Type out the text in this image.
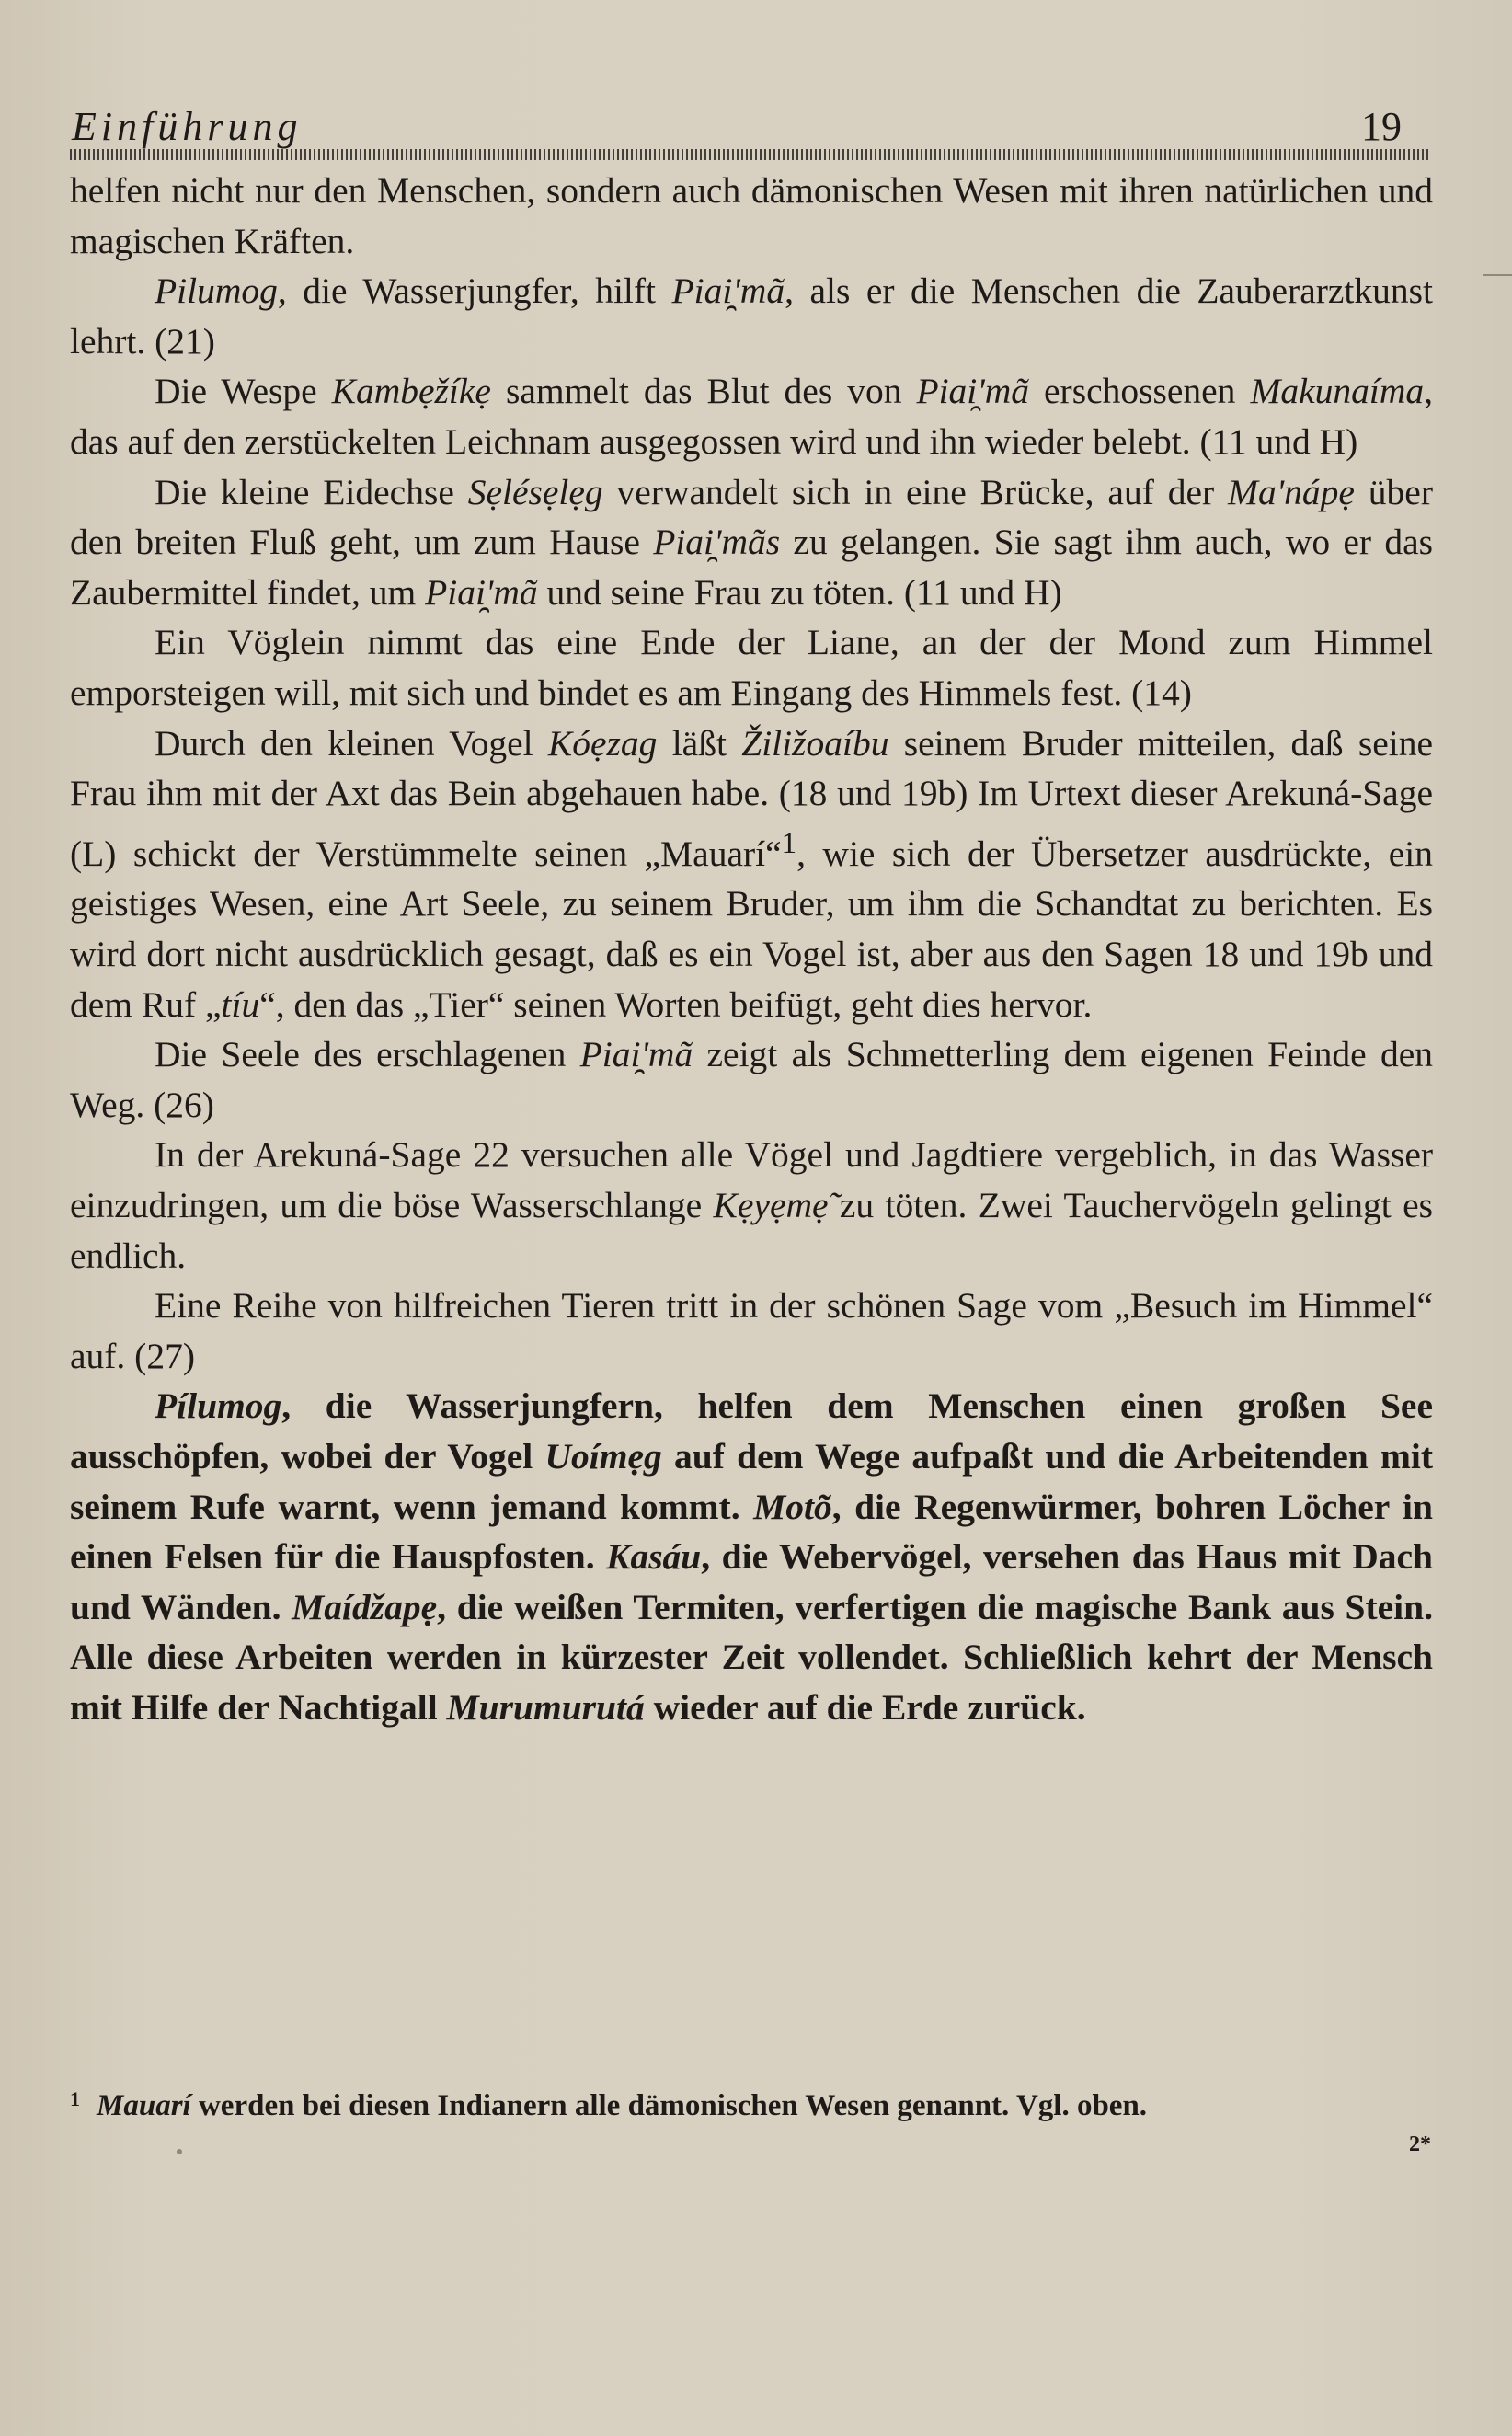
Einführung	19

helfen nicht nur den Menschen, sondern auch dämonischen Wesen mit ihren natürlichen und magischen Kräften.

Pilumog, die Wasserjungfer, hilft Piai̯'mã, als er die Menschen die Zauberarztkunst lehrt. (21)

Die Wespe Kambẹžíkẹ sammelt das Blut des von Piai̯'mã erschossenen Makunaíma, das auf den zerstückelten Leichnam ausgegossen wird und ihn wieder belebt. (11 und H)

Die kleine Eidechse Sẹlésẹlẹg verwandelt sich in eine Brücke, auf der Ma'nápẹ über den breiten Fluß geht, um zum Hause Piai̯'mãs zu gelangen. Sie sagt ihm auch, wo er das Zaubermittel findet, um Piai̯'mã und seine Frau zu töten. (11 und H)

Ein Vöglein nimmt das eine Ende der Liane, an der der Mond zum Himmel emporsteigen will, mit sich und bindet es am Eingang des Himmels fest. (14)

Durch den kleinen Vogel Kóẹzag läßt Žiližoaíbu seinem Bruder mitteilen, daß seine Frau ihm mit der Axt das Bein abgehauen habe. (18 und 19b) Im Urtext dieser Arekuná-Sage (L) schickt der Verstümmelte seinen „Mauarí“$^1$, wie sich der Übersetzer ausdrückte, ein geistiges Wesen, eine Art Seele, zu seinem Bruder, um ihm die Schandtat zu berichten. Es wird dort nicht ausdrücklich gesagt, daß es ein Vogel ist, aber aus den Sagen 18 und 19b und dem Ruf „tíu“, den das „Tier“ seinen Worten beifügt, geht dies hervor.

Die Seele des erschlagenen Piai̯'mã zeigt als Schmetterling dem eigenen Feinde den Weg. (26)

In der Arekuná-Sage 22 versuchen alle Vögel und Jagdtiere vergeblich, in das Wasser einzudringen, um die böse Wasserschlange Kẹyẹmẹ̃ zu töten. Zwei Tauchervögeln gelingt es endlich.

Eine Reihe von hilfreichen Tieren tritt in der schönen Sage vom „Besuch im Himmel“ auf. (27)

Pílumog, die Wasserjungfern, helfen dem Menschen einen großen See ausschöpfen, wobei der Vogel Uoímẹg auf dem Wege aufpaßt und die Arbeitenden mit seinem Rufe warnt, wenn jemand kommt. Motõ, die Regenwürmer, bohren Löcher in einen Felsen für die Hauspfosten. Kasáu, die Webervögel, versehen das Haus mit Dach und Wänden. Maídžapẹ, die weißen Termiten, verfertigen die magische Bank aus Stein. Alle diese Arbeiten werden in kürzester Zeit vollendet. Schließlich kehrt der Mensch mit Hilfe der Nachtigall Murumurutá wieder auf die Erde zurück.

$^1$ Mauarí werden bei diesen Indianern alle dämonischen Wesen genannt. Vgl. oben.
2*
